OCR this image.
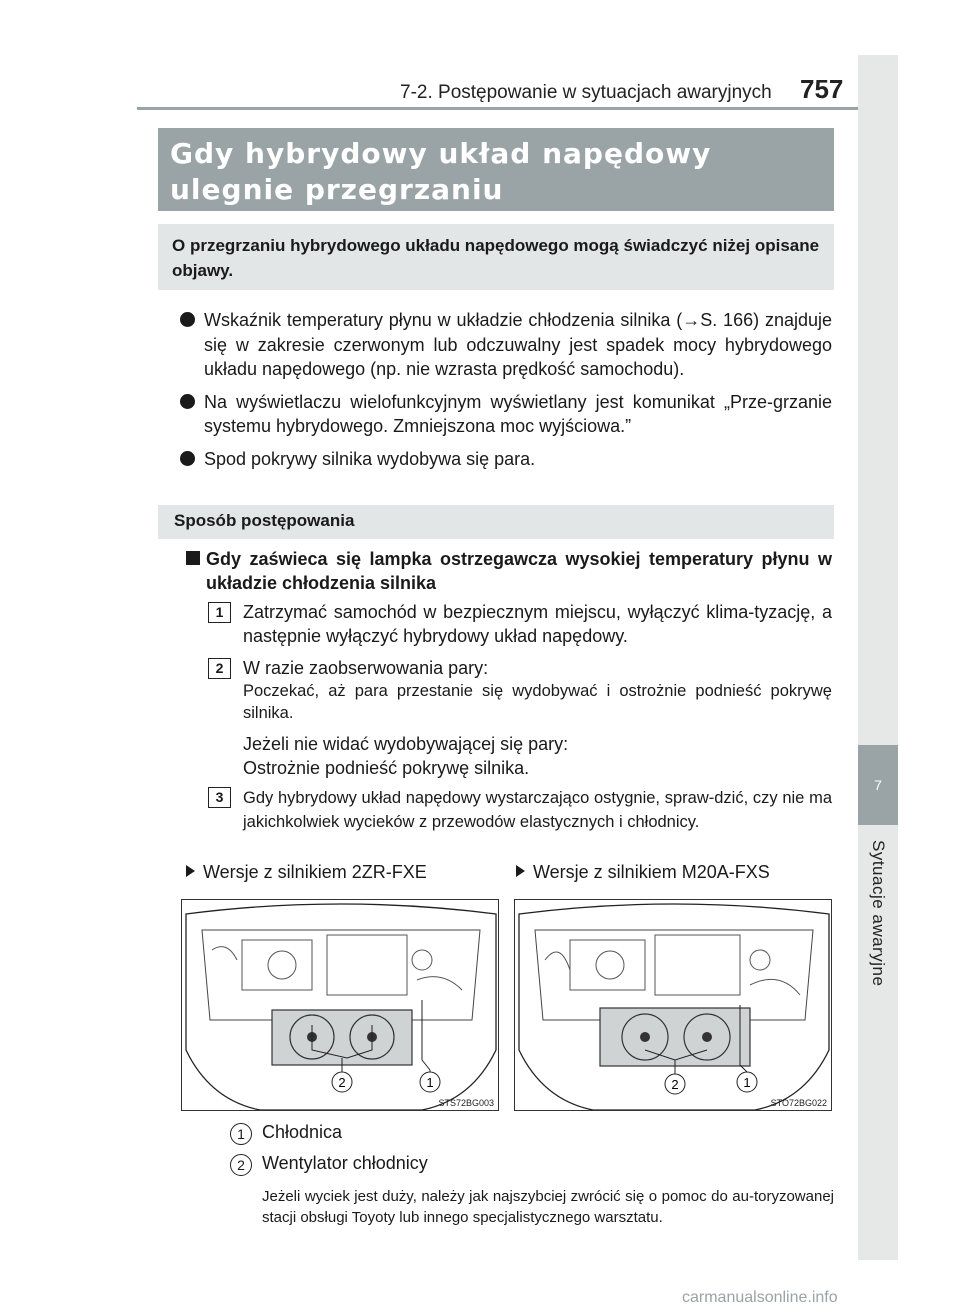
7-2. Postępowanie w sytuacjach awaryjnych 757
7
Sytuacje awaryjne
Gdy hybrydowy układ napędowy ulegnie przegrzaniu
O przegrzaniu hybrydowego układu napędowego mogą świadczyć niżej opisane objawy.
Wskaźnik temperatury płynu w układzie chłodzenia silnika (→S. 166) znajduje się w zakresie czerwonym lub odczuwalny jest spadek mocy hybrydowego układu napędowego (np. nie wzrasta prędkość samochodu).
Na wyświetlaczu wielofunkcyjnym wyświetlany jest komunikat „Prze-grzanie systemu hybrydowego. Zmniejszona moc wyjściowa.”
Spod pokrywy silnika wydobywa się para.
Sposób postępowania
Gdy zaświeca się lampka ostrzegawcza wysokiej temperatury płynu w układzie chłodzenia silnika
1	Zatrzymać samochód w bezpiecznym miejscu, wyłączyć klima-tyzację, a następnie wyłączyć hybrydowy układ napędowy.
2	W razie zaobserwowania pary:
Poczekać, aż para przestanie się wydobywać i ostrożnie podnieść pokrywę silnika.
Jeżeli nie widać wydobywającej się pary:
Ostrożnie podnieść pokrywę silnika.
3	Gdy hybrydowy układ napędowy wystarczająco ostygnie, spraw-dzić, czy nie ma jakichkolwiek wycieków z przewodów elastycznych i chłodnicy.
Wersje z silnikiem 2ZR-FXE	Wersje z silnikiem M20A-FXS
2	1
STS72BG003
2	1
STO72BG022
1 Chłodnica
2 Wentylator chłodnicy
Jeżeli wyciek jest duży, należy jak najszybciej zwrócić się o pomoc do au-toryzowanej stacji obsługi Toyoty lub innego specjalistycznego warsztatu.
carmanualsonline.info
